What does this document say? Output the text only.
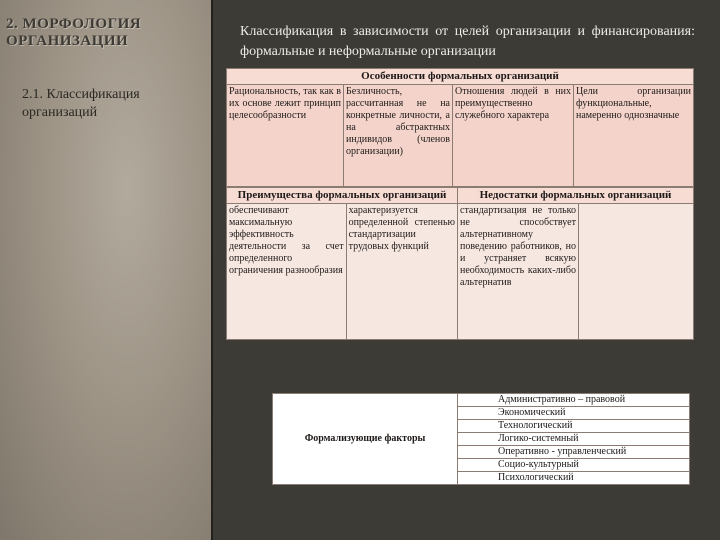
2. МОРФОЛОГИЯ ОРГАНИЗАЦИИ
2.1. Классификация организаций
Классификация в зависимости от целей организации и финансирования: формальные и неформальные организации
Особенности формальных организаций
Рациональность, так как в их основе лежит принцип целесообразности	Безличность, рассчитанная не на конкретные личности, а на абстрактных индивидов (членов организации)	Отношения людей в них преимущественно служебного характера	Цели организации функциональные, намеренно однозначные
Преимущества формальных организаций		Недостатки формальных организаций	
обеспечивают максимальную эффективность деятельности за счет определенного ограничения разнообразия	характеризуется определенной степенью стандартизации трудовых функций	стандартизация не только не способствует альтернативному поведению работников, но и устраняет всякую необходимость каких-либо альтернатив	
Формализующие факторы	Административно – правовой
Экономический
Технологический
Логико-системный
Оперативно - управленческий
Социо-культурный
Психологический
